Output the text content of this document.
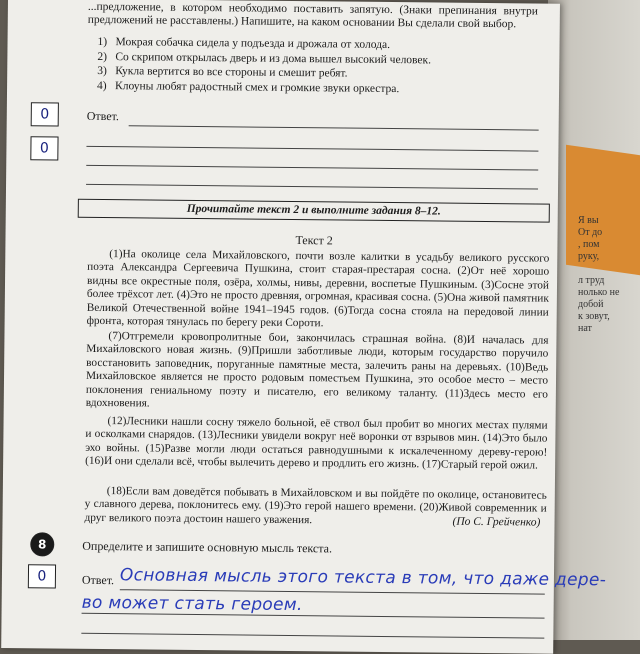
Я вы
От до
, пом
руку,

л труд
нолько не
добой
к зовут,
нат
...предложение, в котором необходимо поставить запятую. (Знаки препинания внутри предложений не расставлены.) Напишите, на каком основании Вы сделали свой выбор.
1) Мокрая собачка сидела у подъезда и дрожала от холода.
2) Со скрипом открылась дверь и из дома вышел высокий человек.
3) Кукла вертится во все стороны и смешит ребят.
4) Клоуны любят радостный смех и громкие звуки оркестра.
0	Ответ.
0
Прочитайте текст 2 и выполните задания 8–12.
Текст 2

(1)На околице села Михайловского, почти возле калитки в усадьбу великого русского поэта Александра Сергеевича Пушкина, стоит старая-престарая сосна. (2)От неё хорошо видны все окрестные поля, озёра, холмы, нивы, деревни, воспетые Пушкиным. (3)Сосне этой более трёхсот лет. (4)Это не просто древняя, огромная, красивая сосна. (5)Она живой памятник Великой Отечественной войне 1941–1945 годов. (6)Тогда сосна стояла на передовой линии фронта, которая тянулась по берегу реки Сороти.

(7)Отгремели кровопролитные бои, закончилась страшная война. (8)И началась для Михайловского новая жизнь. (9)Пришли заботливые люди, которым государство поручило восстановить заповедник, поруганные памятные места, залечить раны на деревьях. (10)Ведь Михайловское является не просто родовым поместьем Пушкина, это особое место – место поклонения гениальному поэту и писателю, его великому таланту. (11)Здесь место его вдохновения.

(12)Лесники нашли сосну тяжело больной, её ствол был пробит во многих местах пулями и осколками снарядов. (13)Лесники увидели вокруг неё воронки от взрывов мин. (14)Это было эхо войны. (15)Разве могли люди остаться равнодушными к искалеченному дереву-герою! (16)И они сделали всё, чтобы вылечить дерево и продлить его жизнь. (17)Старый герой ожил.

(18)Если вам доведётся побывать в Михайловском и вы пойдёте по околице, остановитесь у славного дерева, поклонитесь ему. (19)Это герой нашего времени. (20)Живой современник и друг великого поэта достоин нашего уважения.	(По С. Грейченко)
8	Определите и запишите основную мысль текста.
0	Ответ. Основная мысль этого текста в том, что даже дере-
во может стать героем.
